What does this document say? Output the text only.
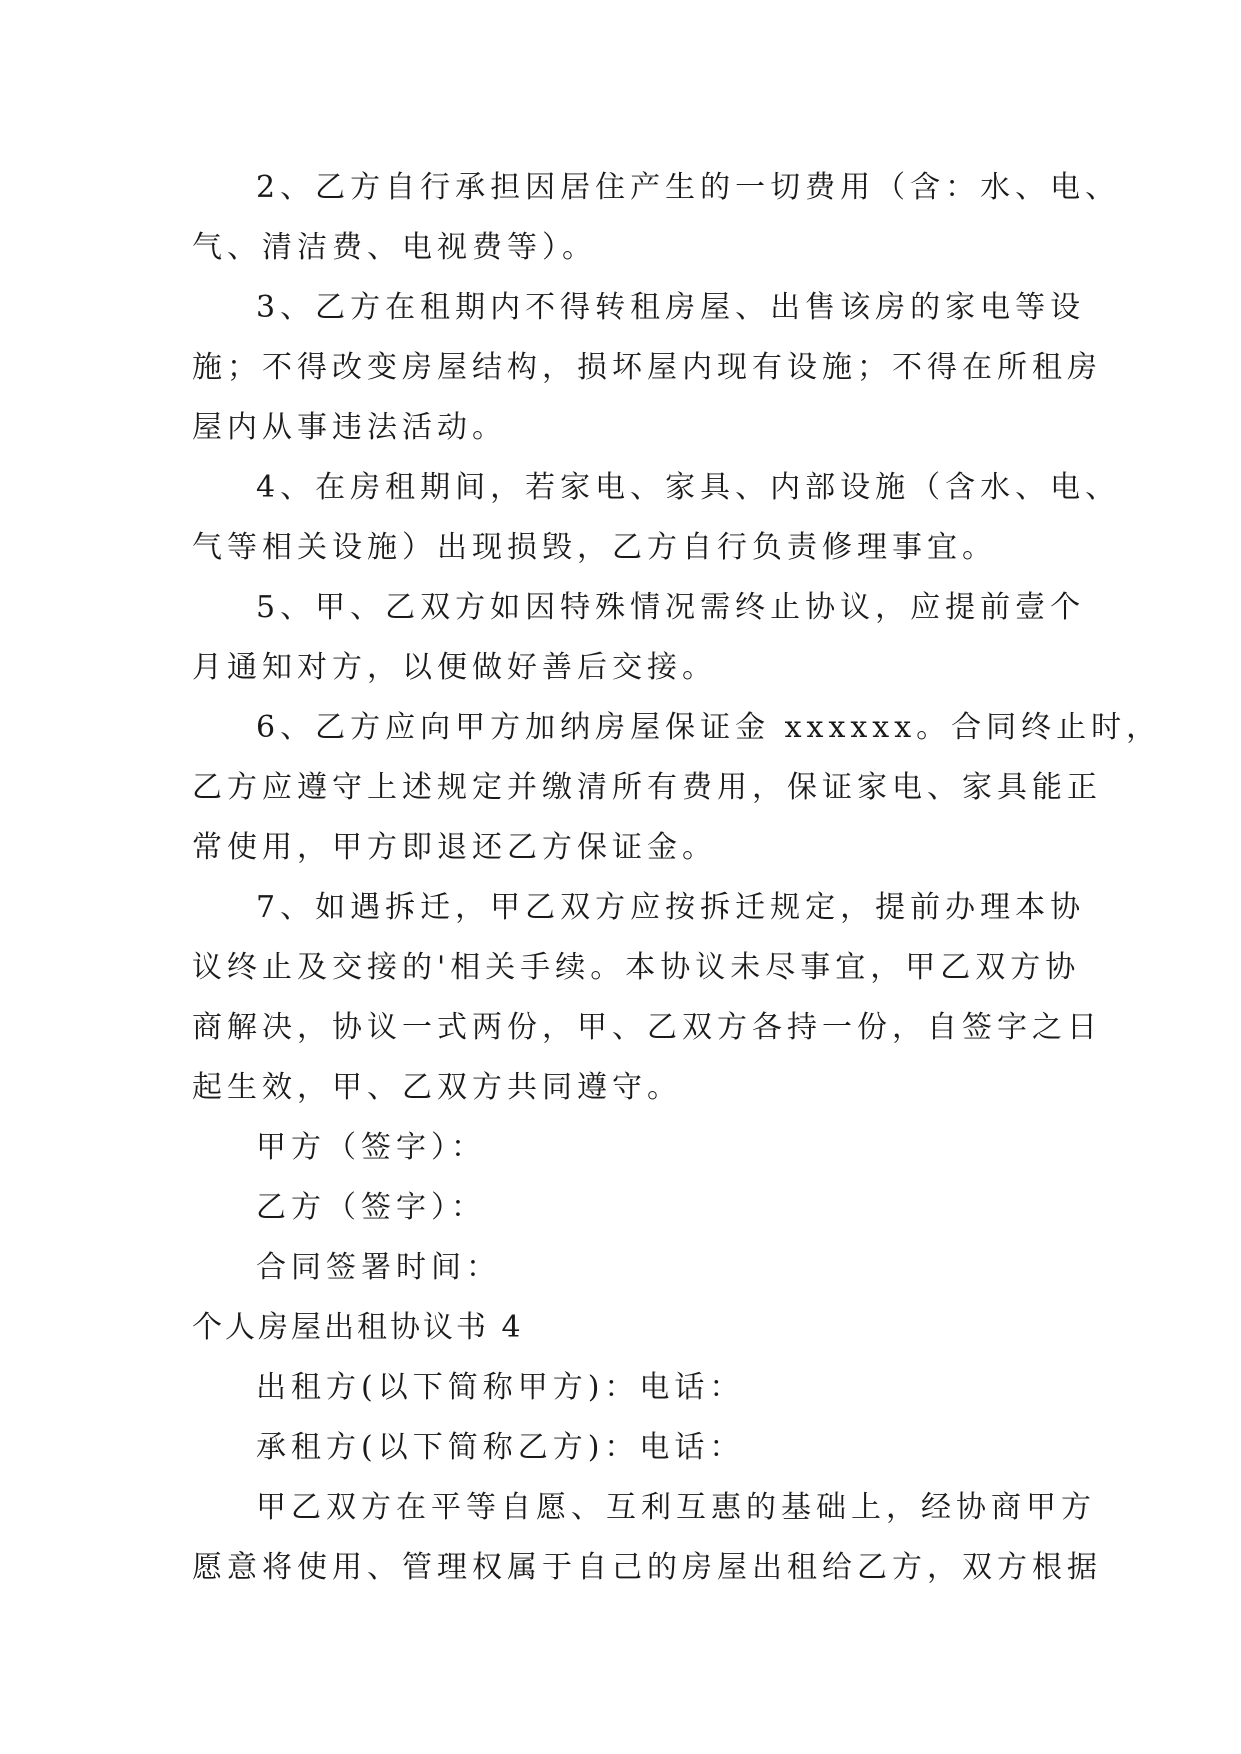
2、乙方自行承担因居住产生的一切费用（含：水、电、
气、清洁费、电视费等）。
3、乙方在租期内不得转租房屋、出售该房的家电等设
施；不得改变房屋结构，损坏屋内现有设施；不得在所租房
屋内从事违法活动。
4、在房租期间，若家电、家具、内部设施（含水、电、
气等相关设施）出现损毁，乙方自行负责修理事宜。
5、甲、乙双方如因特殊情况需终止协议，应提前壹个
月通知对方，以便做好善后交接。
6、乙方应向甲方加纳房屋保证金 xxxxxx。合同终止时，
乙方应遵守上述规定并缴清所有费用，保证家电、家具能正
常使用，甲方即退还乙方保证金。
7、如遇拆迁，甲乙双方应按拆迁规定，提前办理本协
议终止及交接的'相关手续。本协议未尽事宜，甲乙双方协
商解决，协议一式两份，甲、乙双方各持一份，自签字之日
起生效，甲、乙双方共同遵守。
甲方（签字）：
乙方（签字）：
合同签署时间：
个人房屋出租协议书 4
出租方(以下简称甲方)：电话：
承租方(以下简称乙方)：电话：
甲乙双方在平等自愿、互利互惠的基础上，经协商甲方
愿意将使用、管理权属于自己的房屋出租给乙方，双方根据
